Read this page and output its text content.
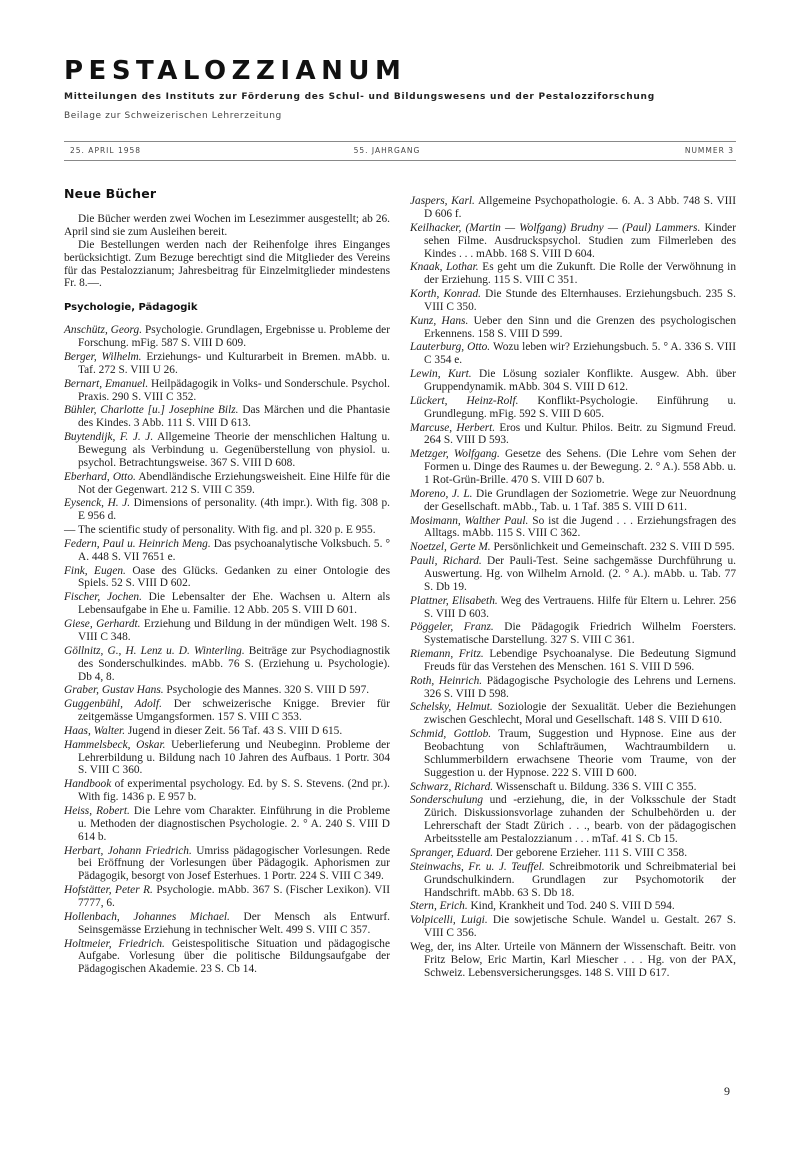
PESTALOZZIANUM
Mitteilungen des Instituts zur Förderung des Schul- und Bildungswesens und der Pestalozziforschung
Beilage zur Schweizerischen Lehrerzeitung
25. APRIL 1958	55. JAHRGANG	NUMMER 3
Neue Bücher

Die Bücher werden zwei Wochen im Lesezimmer ausgestellt; ab 26. April sind sie zum Ausleihen bereit.

Die Bestellungen werden nach der Reihenfolge ihres Einganges berücksichtigt. Zum Bezuge berechtigt sind die Mitglieder des Vereins für das Pestalozzianum; Jahresbeitrag für Einzelmitglieder mindestens Fr. 8.—.

Psychologie, Pädagogik

Anschütz, Georg. Psychologie. Grundlagen, Ergebnisse u. Probleme der Forschung. mFig. 587 S. VIII D 609.

Berger, Wilhelm. Erziehungs- und Kulturarbeit in Bremen. mAbb. u. Taf. 272 S. VIII U 26.

Bernart, Emanuel. Heilpädagogik in Volks- und Sonderschule. Psychol. Praxis. 290 S. VIII C 352.

Bühler, Charlotte [u.] Josephine Bilz. Das Märchen und die Phantasie des Kindes. 3 Abb. 111 S. VIII D 613.

Buytendijk, F. J. J. Allgemeine Theorie der menschlichen Haltung u. Bewegung als Verbindung u. Gegenüberstellung von physiol. u. psychol. Betrachtungsweise. 367 S. VIII D 608.

Eberhard, Otto. Abendländische Erziehungsweisheit. Eine Hilfe für die Not der Gegenwart. 212 S. VIII C 359.

Eysenck, H. J. Dimensions of personality. (4th impr.). With fig. 308 p. E 956 d.

— The scientific study of personality. With fig. and pl. 320 p. E 955.

Federn, Paul u. Heinrich Meng. Das psychoanalytische Volksbuch. 5. ° A. 448 S. VII 7651 e.

Fink, Eugen. Oase des Glücks. Gedanken zu einer Ontologie des Spiels. 52 S. VIII D 602.

Fischer, Jochen. Die Lebensalter der Ehe. Wachsen u. Altern als Lebensaufgabe in Ehe u. Familie. 12 Abb. 205 S. VIII D 601.

Giese, Gerhardt. Erziehung und Bildung in der mündigen Welt. 198 S. VIII C 348.

Göllnitz, G., H. Lenz u. D. Winterling. Beiträge zur Psychodiagnostik des Sonderschulkindes. mAbb. 76 S. (Erziehung u. Psychologie). Db 4, 8.

Graber, Gustav Hans. Psychologie des Mannes. 320 S. VIII D 597.

Guggenbühl, Adolf. Der schweizerische Knigge. Brevier für zeitgemässe Umgangsformen. 157 S. VIII C 353.

Haas, Walter. Jugend in dieser Zeit. 56 Taf. 43 S. VIII D 615.

Hammelsbeck, Oskar. Ueberlieferung und Neubeginn. Probleme der Lehrerbildung u. Bildung nach 10 Jahren des Aufbaus. 1 Portr. 304 S. VIII C 360.

Handbook of experimental psychology. Ed. by S. S. Stevens. (2nd pr.). With fig. 1436 p. E 957 b.

Heiss, Robert. Die Lehre vom Charakter. Einführung in die Probleme u. Methoden der diagnostischen Psychologie. 2. ° A. 240 S. VIII D 614 b.

Herbart, Johann Friedrich. Umriss pädagogischer Vorlesungen. Rede bei Eröffnung der Vorlesungen über Pädagogik. Aphorismen zur Pädagogik, besorgt von Josef Esterhues. 1 Portr. 224 S. VIII C 349.

Hofstätter, Peter R. Psychologie. mAbb. 367 S. (Fischer Lexikon). VII 7777, 6.

Hollenbach, Johannes Michael. Der Mensch als Entwurf. Seinsgemässe Erziehung in technischer Welt. 499 S. VIII C 357.

Holtmeier, Friedrich. Geistespolitische Situation und pädagogische Aufgabe. Vorlesung über die politische Bildungsaufgabe der Pädagogischen Akademie. 23 S. Cb 14.

Jaspers, Karl. Allgemeine Psychopathologie. 6. A. 3 Abb. 748 S. VIII D 606 f.

Keilhacker, (Martin — Wolfgang) Brudny — (Paul) Lammers. Kinder sehen Filme. Ausdruckspsychol. Studien zum Filmerleben des Kindes . . . mAbb. 168 S. VIII D 604.

Knaak, Lothar. Es geht um die Zukunft. Die Rolle der Verwöhnung in der Erziehung. 115 S. VIII C 351.

Korth, Konrad. Die Stunde des Elternhauses. Erziehungsbuch. 235 S. VIII C 350.

Kunz, Hans. Ueber den Sinn und die Grenzen des psychologischen Erkennens. 158 S. VIII D 599.

Lauterburg, Otto. Wozu leben wir? Erziehungsbuch. 5. ° A. 336 S. VIII C 354 e.

Lewin, Kurt. Die Lösung sozialer Konflikte. Ausgew. Abh. über Gruppendynamik. mAbb. 304 S. VIII D 612.

Lückert, Heinz-Rolf. Konflikt-Psychologie. Einführung u. Grundlegung. mFig. 592 S. VIII D 605.

Marcuse, Herbert. Eros und Kultur. Philos. Beitr. zu Sigmund Freud. 264 S. VIII D 593.

Metzger, Wolfgang. Gesetze des Sehens. (Die Lehre vom Sehen der Formen u. Dinge des Raumes u. der Bewegung. 2. ° A.). 558 Abb. u. 1 Rot-Grün-Brille. 470 S. VIII D 607 b.

Moreno, J. L. Die Grundlagen der Soziometrie. Wege zur Neuordnung der Gesellschaft. mAbb., Tab. u. 1 Taf. 385 S. VIII D 611.

Mosimann, Walther Paul. So ist die Jugend . . . Erziehungsfragen des Alltags. mAbb. 115 S. VIII C 362.

Noetzel, Gerte M. Persönlichkeit und Gemeinschaft. 232 S. VIII D 595.

Pauli, Richard. Der Pauli-Test. Seine sachgemässe Durchführung u. Auswertung. Hg. von Wilhelm Arnold. (2. ° A.). mAbb. u. Tab. 77 S. Db 19.

Plattner, Elisabeth. Weg des Vertrauens. Hilfe für Eltern u. Lehrer. 256 S. VIII D 603.

Pöggeler, Franz. Die Pädagogik Friedrich Wilhelm Foersters. Systematische Darstellung. 327 S. VIII C 361.

Riemann, Fritz. Lebendige Psychoanalyse. Die Bedeutung Sigmund Freuds für das Verstehen des Menschen. 161 S. VIII D 596.

Roth, Heinrich. Pädagogische Psychologie des Lehrens und Lernens. 326 S. VIII D 598.

Schelsky, Helmut. Soziologie der Sexualität. Ueber die Beziehungen zwischen Geschlecht, Moral und Gesellschaft. 148 S. VIII D 610.

Schmid, Gottlob. Traum, Suggestion und Hypnose. Eine aus der Beobachtung von Schlafträumen, Wachtraumbildern u. Schlummerbildern erwachsene Theorie vom Traume, von der Suggestion u. der Hypnose. 222 S. VIII D 600.

Schwarz, Richard. Wissenschaft u. Bildung. 336 S. VIII C 355.

Sonderschulung und -erziehung, die, in der Volksschule der Stadt Zürich. Diskussionsvorlage zuhanden der Schulbehörden u. der Lehrerschaft der Stadt Zürich . . ., bearb. von der pädagogischen Arbeitsstelle am Pestalozzianum . . . mTaf. 41 S. Cb 15.

Spranger, Eduard. Der geborene Erzieher. 111 S. VIII C 358.

Steinwachs, Fr. u. J. Teuffel. Schreibmotorik und Schreibmaterial bei Grundschulkindern. Grundlagen zur Psychomotorik der Handschrift. mAbb. 63 S. Db 18.

Stern, Erich. Kind, Krankheit und Tod. 240 S. VIII D 594.

Volpicelli, Luigi. Die sowjetische Schule. Wandel u. Gestalt. 267 S. VIII C 356.

Weg, der, ins Alter. Urteile von Männern der Wissenschaft. Beitr. von Fritz Below, Eric Martin, Karl Miescher . . . Hg. von der PAX, Schweiz. Lebensversicherungsges. 148 S. VIII D 617.

9
